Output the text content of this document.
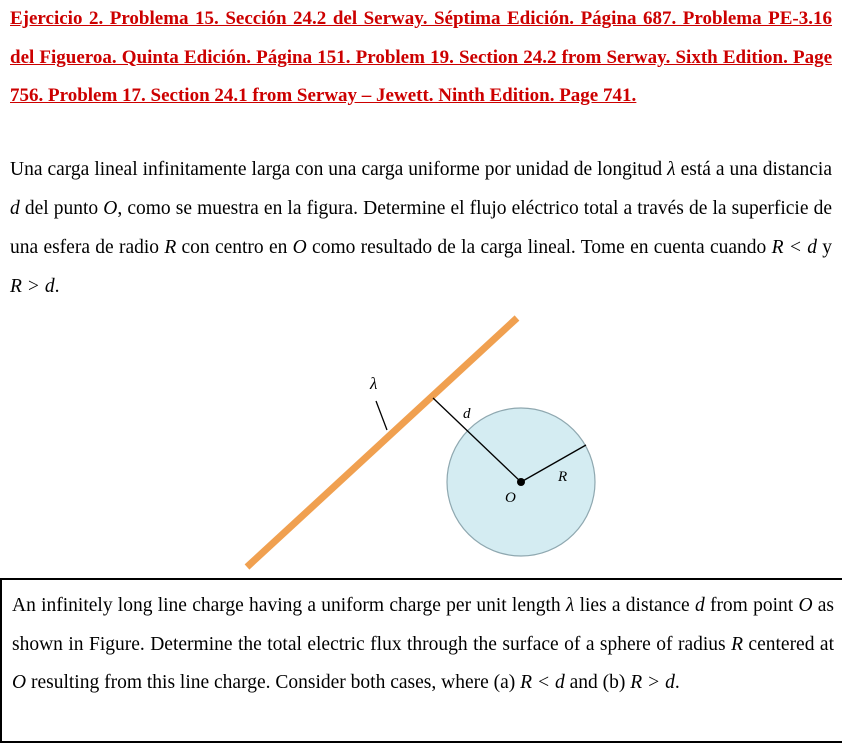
Ejercicio 2. Problema 15. Sección 24.2 del Serway. Séptima Edición. Página 687. Problema PE-3.16 del Figueroa. Quinta Edición. Página 151. Problem 19. Section 24.2 from Serway. Sixth Edition. Page 756. Problem 17. Section 24.1 from Serway – Jewett. Ninth Edition. Page 741.
Una carga lineal infinitamente larga con una carga uniforme por unidad de longitud λ está a una distancia d del punto O, como se muestra en la figura. Determine el flujo eléctrico total a través de la superficie de una esfera de radio R con centro en O como resultado de la carga lineal. Tome en cuenta cuando R < d y R > d.
λ
d
R
O
An infinitely long line charge having a uniform charge per unit length λ lies a distance d from point O as shown in Figure. Determine the total electric flux through the surface of a sphere of radius R centered at O resulting from this line charge. Consider both cases, where (a) R < d and (b) R > d.
